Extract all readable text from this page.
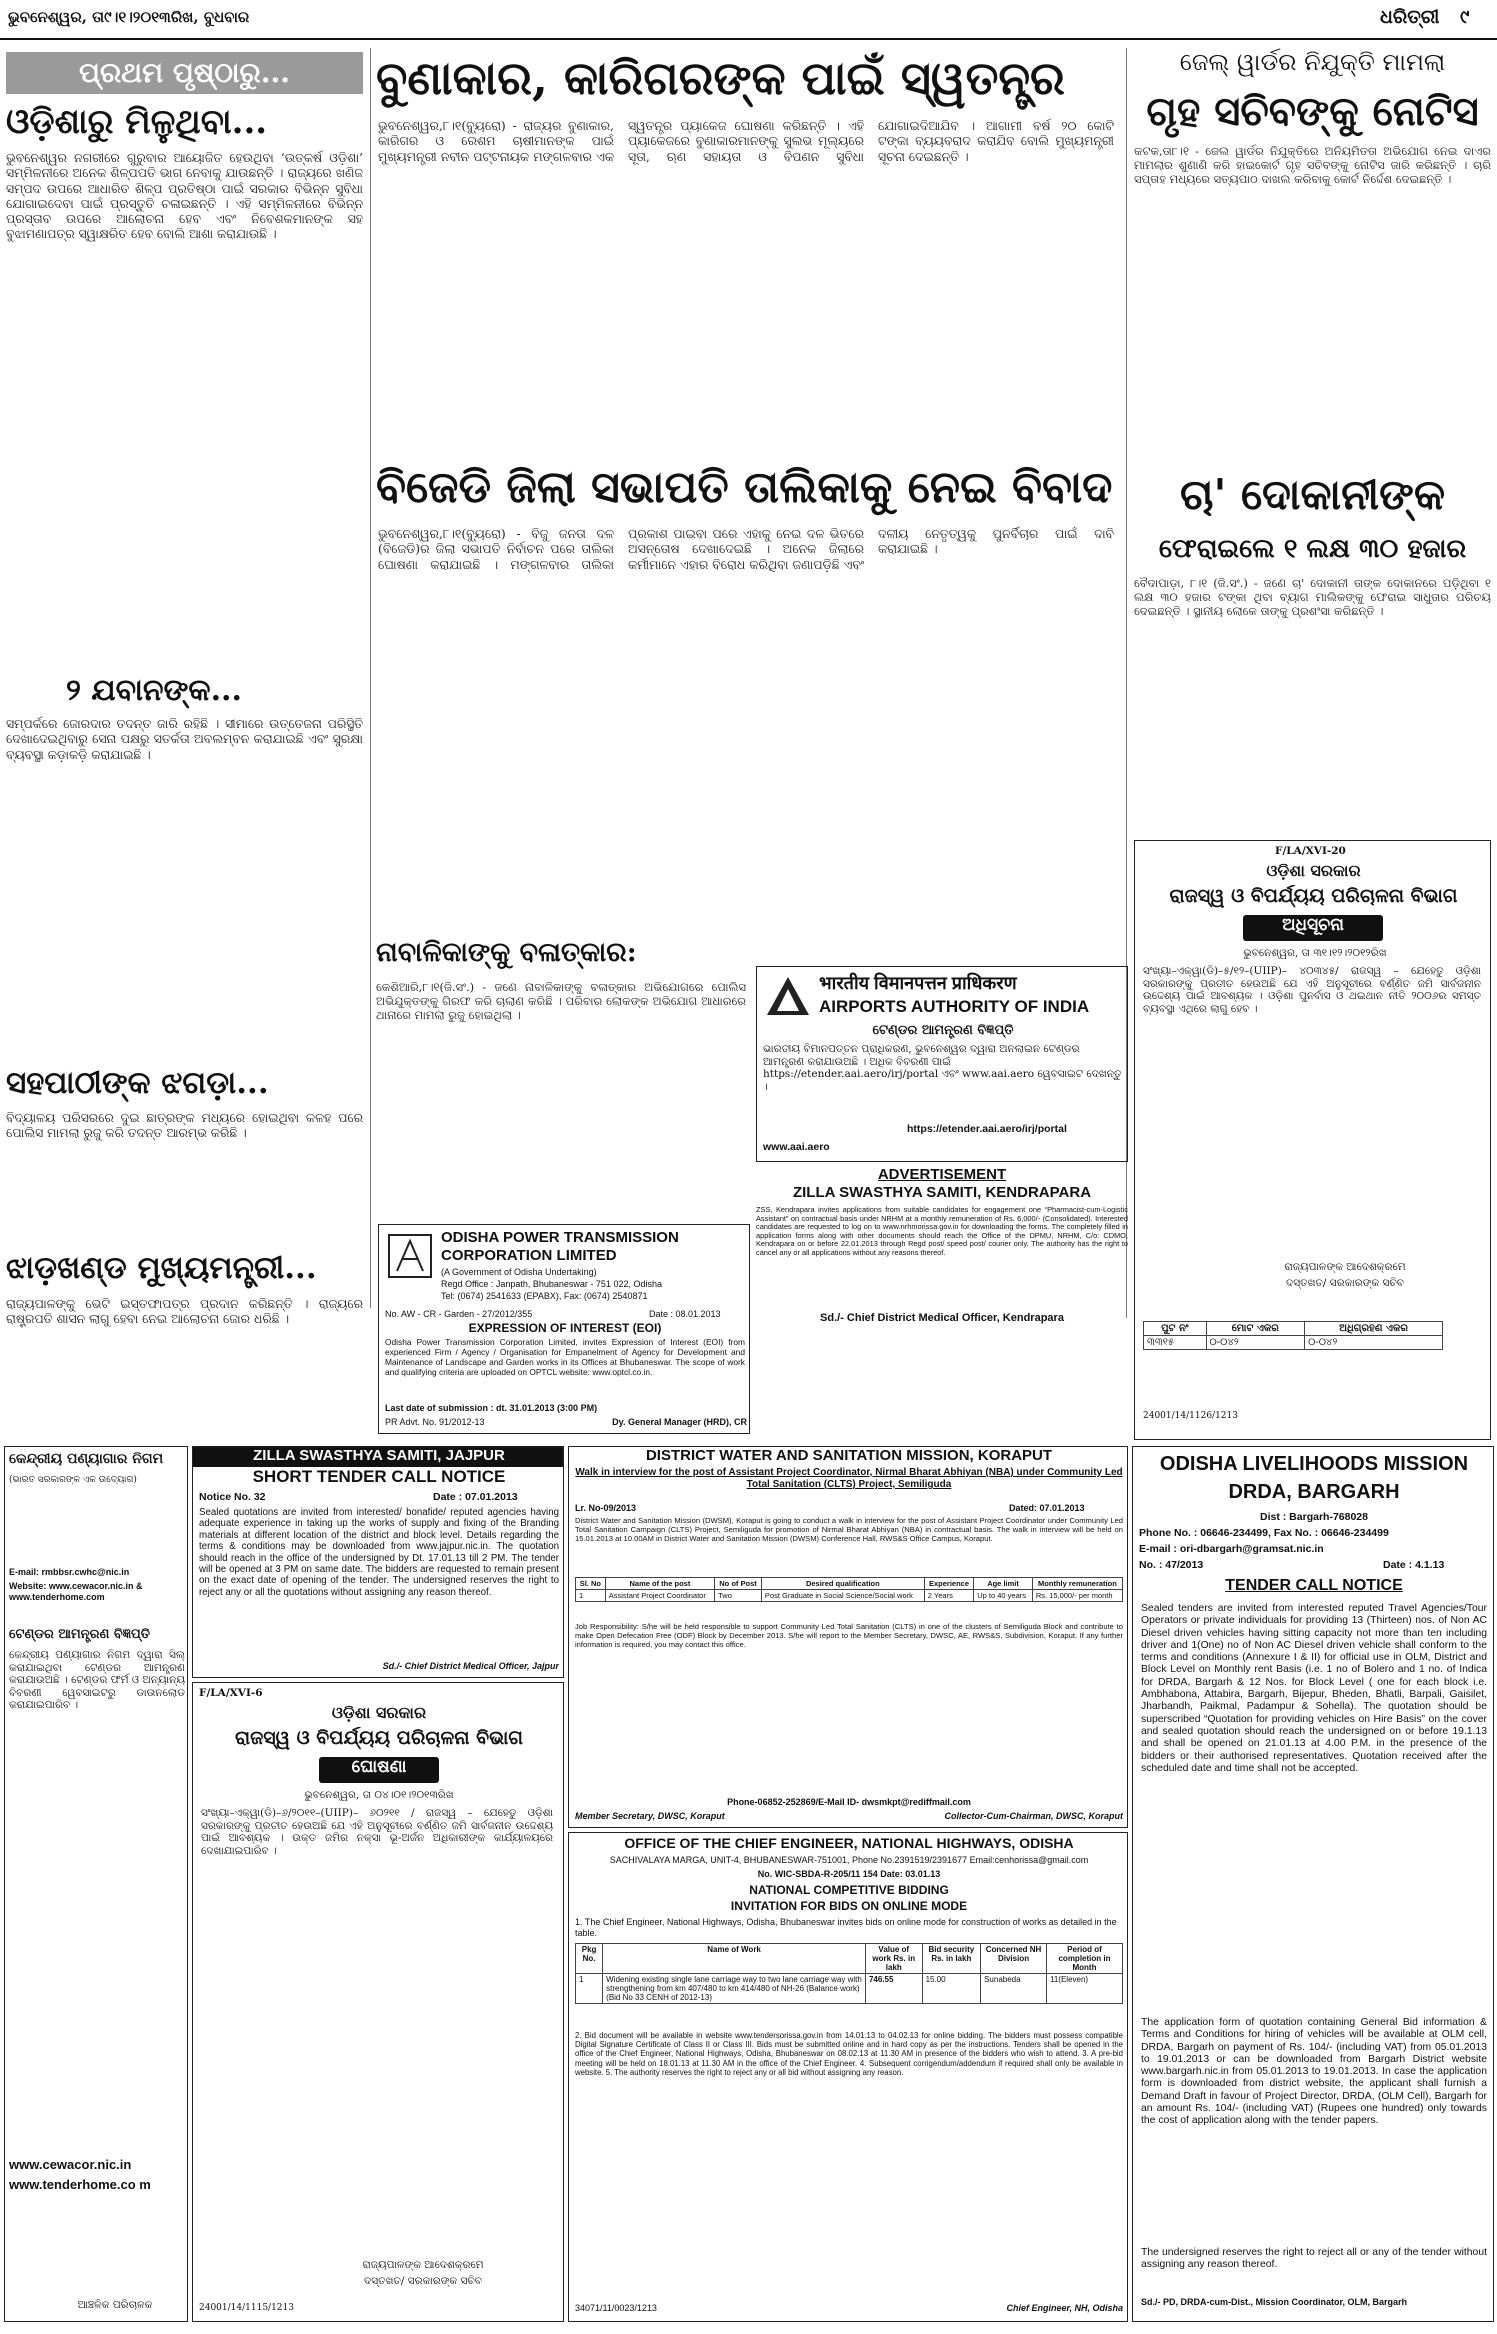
ଭୁବନେଶ୍ୱର, ତା୯।୧।୨୦୧୩ରିଖ, ବୁଧବାର	ଧରିତ୍ରୀ	୯
ପ୍ରଥମ ପୃଷ୍ଠାରୁ...
ଓଡ଼ିଶାରୁ ମିଳୁଥିବା...
ଭୁବନେଶ୍ୱର ନଗରୀରେ ଗୁରୁବାର ଆୟୋଜିତ ହେଉଥିବା ‘ଉତ୍କର୍ଷ ଓଡ଼ିଶା’ ସମ୍ମିଳନୀରେ ଅନେକ ଶିଳ୍ପପତି ଭାଗ ନେବାକୁ ଯାଉଛନ୍ତି । ରାଜ୍ୟରେ ଖଣିଜ ସମ୍ପଦ ଉପରେ ଆଧାରିତ ଶିଳ୍ପ ପ୍ରତିଷ୍ଠା ପାଇଁ ସରକାର ବିଭିନ୍ନ ସୁବିଧା ଯୋଗାଇଦେବା ପାଇଁ ପ୍ରସ୍ତୁତି ଚଳାଇଛନ୍ତି । ଏହି ସମ୍ମିଳନୀରେ ବିଭିନ୍ନ ପ୍ରସ୍ତାବ ଉପରେ ଆଲୋଚନା ହେବ ଏବଂ ନିବେଶକମାନଙ୍କ ସହ ବୁଝାମଣାପତ୍ର ସ୍ୱାକ୍ଷରିତ ହେବ ବୋଲି ଆଶା କରାଯାଉଛି ।
୨ ଯବାନଙ୍କ...
ସମ୍ପର୍କରେ ଜୋରଦାର ତଦନ୍ତ ଜାରି ରହିଛି । ସୀମାରେ ଉତ୍ତେଜନା ପରିସ୍ଥିତି ଦେଖାଦେଇଥିବାରୁ ସେନା ପକ୍ଷରୁ ସତର୍କତା ଅବଲମ୍ବନ କରାଯାଇଛି ଏବଂ ସୁରକ୍ଷା ବ୍ୟବସ୍ଥା କଡ଼ାକଡ଼ି କରାଯାଇଛି ।
ସହପାଠୀଙ୍କ ଝଗଡ଼ା...
ବିଦ୍ୟାଳୟ ପରିସରରେ ଦୁଇ ଛାତ୍ରଙ୍କ ମଧ୍ୟରେ ହୋଇଥିବା କଳହ ପରେ ପୋଲିସ ମାମଲା ରୁଜୁ କରି ତଦନ୍ତ ଆରମ୍ଭ କରିଛି ।
ଝାଡ଼ଖଣ୍ଡ ମୁଖ୍ୟମନ୍ତ୍ରୀ...
ରାଜ୍ୟପାଳଙ୍କୁ ଭେଟି ଇସ୍ତଫାପତ୍ର ପ୍ରଦାନ କରିଛନ୍ତି । ରାଜ୍ୟରେ ରାଷ୍ଟ୍ରପତି ଶାସନ ଲାଗୁ ହେବା ନେଇ ଆଲୋଚନା ଜୋର ଧରିଛି ।
ବୁଣାକାର, କାରିଗରଙ୍କ ପାଇଁ ସ୍ୱତନ୍ତ୍ର
ଭୁବନେଶ୍ୱର,୮।୧(ବ୍ୟୁରୋ) - ରାଜ୍ୟର ବୁଣାକାର, କାରିଗର ଓ ରେଶମ ଚାଷୀମାନଙ୍କ ପାଇଁ ମୁଖ୍ୟମନ୍ତ୍ରୀ ନବୀନ ପଟ୍ଟନାୟକ ମଙ୍ଗଳବାର ଏକ ସ୍ୱତନ୍ତ୍ର ପ୍ୟାକେଜ ଘୋଷଣା କରିଛନ୍ତି । ଏହି ପ୍ୟାକେଜରେ ବୁଣାକାରମାନଙ୍କୁ ସୁଲଭ ମୂଲ୍ୟରେ ସୂତା, ଋଣ ସହାୟତା ଓ ବିପଣନ ସୁବିଧା ଯୋଗାଇଦିଆଯିବ । ଆଗାମୀ ବର୍ଷ ୨୦ କୋଟି ଟଙ୍କା ବ୍ୟୟବରାଦ କରାଯିବ ବୋଲି ମୁଖ୍ୟମନ୍ତ୍ରୀ ସୂଚନା ଦେଇଛନ୍ତି ।
ବିଜେଡି ଜିଲା ସଭାପତି ତାଲିକାକୁ ନେଇ ବିବାଦ
ଭୁବନେଶ୍ୱର,୮।୧(ବ୍ୟୁରୋ) - ବିଜୁ ଜନତା ଦଳ (ବିଜେଡି)ର ଜିଲା ସଭାପତି ନିର୍ବାଚନ ପରେ ତାଲିକା ଘୋଷଣା କରାଯାଇଛି । ମଙ୍ଗଳବାର ତାଲିକା ପ୍ରକାଶ ପାଇବା ପରେ ଏହାକୁ ନେଇ ଦଳ ଭିତରେ ଅସନ୍ତୋଷ ଦେଖାଦେଇଛି । ଅନେକ ଜିଲାରେ କର୍ମୀମାନେ ଏହାର ବିରୋଧ କରିଥିବା ଜଣାପଡ଼ିଛି ଏବଂ ଦଳୀୟ ନେତୃତ୍ୱକୁ ପୁନର୍ବିଚାର ପାଇଁ ଦାବି କରାଯାଇଛି ।
ନାବାଳିକାଙ୍କୁ ବଳାତ୍କାର:
କେଶିଆରି,୮।୧(ଜି.ସଂ.) - ଜଣେ ନାବାଳିକାଙ୍କୁ ବଳାତ୍କାର ଅଭିଯୋଗରେ ପୋଲିସ ଅଭିଯୁକ୍ତଙ୍କୁ ଗିରଫ କରି ଚାଲାଣ କରିଛି । ପରିବାର ଲୋକଙ୍କ ଅଭିଯୋଗ ଆଧାରରେ ଥାନାରେ ମାମଲା ରୁଜୁ ହୋଇଥିଲା ।
ଜେଲ୍ ୱାର୍ଡର ନିଯୁକ୍ତି ମାମଲା
ଗୃହ ସଚିବଙ୍କୁ ନୋଟିସ
କଟକ,ତା୮।୧ - ଜେଲ ୱାର୍ଡର ନିଯୁକ୍ତିରେ ଅନିୟମିତତା ଅଭିଯୋଗ ନେଇ ଦାଏର ମାମଲାର ଶୁଣାଣି କରି ହାଇକୋର୍ଟ ଗୃହ ସଚିବଙ୍କୁ ନୋଟିସ ଜାରି କରିଛନ୍ତି । ଚାରି ସପ୍ତାହ ମଧ୍ୟରେ ସତ୍ୟପାଠ ଦାଖଲ କରିବାକୁ କୋର୍ଟ ନିର୍ଦ୍ଦେଶ ଦେଇଛନ୍ତି ।
ଚା' ଦୋକାନୀଙ୍କ
ଫେରାଇଲେ ୧ ଲକ୍ଷ ୩୦ ହଜାର
ବୈଦାପାଡ଼ା, ୮।୧ (ଜି.ସଂ.) - ଜଣେ ଚା' ଦୋକାନୀ ତାଙ୍କ ଦୋକାନରେ ପଡ଼ିଥିବା ୧ ଲକ୍ଷ ୩୦ ହଜାର ଟଙ୍କା ଥିବା ବ୍ୟାଗ ମାଲିକଙ୍କୁ ଫେରାଇ ସାଧୁତାର ପରିଚୟ ଦେଇଛନ୍ତି । ସ୍ଥାନୀୟ ଲୋକେ ତାଙ୍କୁ ପ୍ରଶଂସା କରିଛନ୍ତି ।
F/LA/XVI-20
ଓଡ଼ିଶା ସରକାର
ରାଜସ୍ୱ ଓ ବିପର୍ଯ୍ୟୟ ପରିଚାଳନା ବିଭାଗ
ଅଧିସୂଚନା
ଭୁବନେଶ୍ୱର, ତା ୩୧।୧୨।୨୦୧୨ରିଖ
ସଂଖ୍ୟା–ଏକ୍ୱା(ଡି)–୫/୧୨–(UIIP)– ୪୦୩୪୫/ ରାଜସ୍ୱ – ଯେହେତୁ ଓଡ଼ିଶା ସରକାରଙ୍କୁ ପ୍ରତୀତ ହେଉଅଛି ଯେ ଏହି ଅନୁସୂଚୀରେ ବର୍ଣ୍ଣିତ ଜମି ସାର୍ବଜନୀନ ଉଦ୍ଦେଶ୍ୟ ପାଇଁ ଆବଶ୍ୟକ । ଓଡ଼ିଶା ପୁନର୍ବାସ ଓ ଥଇଥାନ ନୀତି ୨୦୦୬ର ସମସ୍ତ ବ୍ୟବସ୍ଥା ଏଥିରେ ଲାଗୁ ହେବ ।
ରାଜ୍ୟପାଳଙ୍କ ଆଦେଶକ୍ରମେ
ଦସ୍ତଖତ/ ସରକାରଙ୍କ ସଚିବ
ପୁଟ ନଂ	ମୋଟ ଏକର	ଅଧିଗ୍ରହଣ ଏକର
୩୩୧୫	୦-୦୪୨	୦-୦୪୨
24001/14/1126/1213
भारतीय विमानपत्तन प्राधिकरण
AIRPORTS AUTHORITY OF INDIA
ଟେଣ୍ଡର ଆମନ୍ତ୍ରଣ ବିଜ୍ଞପ୍ତି
ଭାରତୀୟ ବିମାନପତ୍ତନ ପ୍ରାଧିକରଣ, ଭୁବନେଶ୍ୱର ଦ୍ୱାରା ଅନଲାଇନ ଟେଣ୍ଡର ଆମନ୍ତ୍ରଣ କରାଯାଉଅଛି । ଅଧିକ ବିବରଣୀ ପାଇଁ https://etender.aai.aero/irj/portal ଏବଂ www.aai.aero ୱେବସାଇଟ ଦେଖନ୍ତୁ ।
https://etender.aai.aero/irj/portal
www.aai.aero
ADVERTISEMENT
ZILLA SWASTHYA SAMITI, KENDRAPARA
ZSS, Kendrapara invites applications from suitable candidates for engagement one “Pharmacist-cum-Logistic Assistant” on contractual basis under NRHM at a monthly remuneration of Rs. 6,000/- (Consolidated). Interested candidates are requested to log on to www.nrhmorissa.gov.in for downloading the forms. The completely filled in application forms along with other documents should reach the Office of the DPMU, NRHM, C/o: CDMO, Kendrapara on or before 22.01.2013 through Regd post/ speed post/ courier only. The authority has the right to cancel any or all applications without any reasons thereof.
Sd./- Chief District Medical Officer, Kendrapara
ODISHA POWER TRANSMISSION
CORPORATION LIMITED
(A Government of Odisha Undertaking)
Regd Office : Janpath, Bhubaneswar - 751 022, Odisha
Tel: (0674) 2541633 (EPABX), Fax: (0674) 2540871
No. AW - CR - Garden - 27/2012/355	Date : 08.01.2013
EXPRESSION OF INTEREST (EOI)
Odisha Power Transmission Corporation Limited, invites Expression of Interest (EOI) from experienced Firm / Agency / Organisation for Empanelment of Agency for Development and Maintenance of Landscape and Garden works in its Offices at Bhubaneswar. The scope of work and qualifying criteria are uploaded on OPTCL website: www.optcl.co.in.
Last date of submission : dt. 31.01.2013 (3:00 PM)
PR Advt. No. 91/2012-13	Dy. General Manager (HRD), CR
କେନ୍ଦ୍ରୀୟ ପଣ୍ୟାଗାର ନିଗମ
(ଭାରତ ସରକାରଙ୍କ ଏକ ଉଦ୍ୟୋଗ)
E-mail: rmbbsr.cwhc@nic.in
Website: www.cewacor.nic.in & www.tenderhome.com
ଟେଣ୍ଡର ଆମନ୍ତ୍ରଣ ବିଜ୍ଞପ୍ତି
କେନ୍ଦ୍ରୀୟ ପଣ୍ୟାଗାର ନିଗମ ଦ୍ୱାରା ସିଲ୍ କରାଯାଇଥିବା ଟେଣ୍ଡର ଆମନ୍ତ୍ରଣ କରାଯାଉଅଛି । ଟେଣ୍ଡର ଫର୍ମ ଓ ଅନ୍ୟାନ୍ୟ ବିବରଣୀ ୱେବସାଇଟରୁ ଡାଉନଲୋଡ କରାଯାଇପାରିବ ।
www.cewacor.nic.in
www.tenderhome.co m
ଆଞ୍ଚଳିକ ପରିଚାଳକ
ZILLA SWASTHYA SAMITI, JAJPUR
SHORT TENDER CALL NOTICE
Notice No. 32	Date : 07.01.2013
Sealed quotations are invited from interested/ bonafide/ reputed agencies having adequate experience in taking up the works of supply and fixing of the Branding materials at different location of the district and block level. Details regarding the terms & conditions may be downloaded from www.jajpur.nic.in. The quotation should reach in the office of the undersigned by Dt. 17.01.13 till 2 PM. The tender will be opened at 3 PM on same date. The bidders are requested to remain present on the exact date of opening of the tender. The undersigned reserves the right to reject any or all the quotations without assigning any reason thereof.
Sd./- Chief District Medical Officer, Jajpur
F/LA/XVI-6
ଓଡ଼ିଶା ସରକାର
ରାଜସ୍ୱ ଓ ବିପର୍ଯ୍ୟୟ ପରିଚାଳନା ବିଭାଗ
ଘୋଷଣା
ଭୁବନେଶ୍ୱର, ତା ୦୪।୦୧।୨୦୧୩ରିଖ
ସଂଖ୍ୟା–ଏକ୍ୱା(ଡି)–୬/୨୦୧୧–(UIIP)– ୬୦୨୧୧ / ରାଜସ୍ୱ – ଯେହେତୁ ଓଡ଼ିଶା ସରକାରଙ୍କୁ ପ୍ରତୀତ ହେଉଅଛି ଯେ ଏହି ଅନୁସୂଚୀରେ ବର୍ଣ୍ଣିତ ଜମି ସାର୍ବଜନୀନ ଉଦ୍ଦେଶ୍ୟ ପାଇଁ ଆବଶ୍ୟକ । ଉକ୍ତ ଜମିର ନକ୍ସା ଭୂ-ଅର୍ଜନ ଅଧିକାରୀଙ୍କ କାର୍ଯ୍ୟାଳୟରେ ଦେଖାଯାଇପାରିବ ।
ରାଜ୍ୟପାଳଙ୍କ ଆଦେଶକ୍ରମେ
ଦସ୍ତଖତ/ ସରକାରଙ୍କ ସଚିବ
24001/14/1115/1213
DISTRICT WATER AND SANITATION MISSION, KORAPUT
Walk in interview for the post of Assistant Project Coordinator, Nirmal Bharat Abhiyan (NBA) under Community Led Total Sanitation (CLTS) Project, Semiliguda
Lr. No-09/2013	Dated: 07.01.2013
District Water and Sanitation Mission (DWSM), Koraput is going to conduct a walk in interview for the post of Assistant Project Coordinator under Community Led Total Sanitation Campaign (CLTS) Project, Semiliguda for promotion of Nirmal Bharat Abhiyan (NBA) in contractual basis. The walk in interview will be held on 15.01.2013 at 10.00AM in District Water and Sanitation Mission (DWSM) Conference Hall, RWS&S Office Campus, Koraput.
Sl. No	Name of the post	No of Post	Desired qualification	Experience	Age limit	Monthly remuneration
1	Assistant Project Coordinator	Two	Post Graduate in Social Science/Social work	2 Years	Up to 40 years	Rs. 15,000/- per month
Job Responsibility: S/he will be held responsible to support Community Led Total Sanitation (CLTS) in one of the clusters of Semiliguda Block and contribute to make Open Defecation Free (ODF) Block by December 2013. S/he will report to the Member Secretary, DWSC, AE, RWS&S, Subdivision, Koraput. If any further information is required, you may contact this office.
Phone-06852-252869/E-Mail ID- dwsmkpt@rediffmail.com
Member Secretary, DWSC, Koraput	Collector-Cum-Chairman, DWSC, Koraput
OFFICE OF THE CHIEF ENGINEER, NATIONAL HIGHWAYS, ODISHA
SACHIVALAYA MARGA, UNIT-4, BHUBANESWAR-751001, Phone No.2391519/2391677 Email:cenhorissa@gmail.com
No. WIC-SBDA-R-205/11 154 Date: 03.01.13
NATIONAL COMPETITIVE BIDDING
INVITATION FOR BIDS ON ONLINE MODE
1. The Chief Engineer, National Highways, Odisha, Bhubaneswar invites bids on online mode for construction of works as detailed in the table.
Pkg No.	Name of Work	Value of work Rs. in lakh	Bid security Rs. in lakh	Concerned NH Division	Period of completion in Month
1	Widening existing single lane carriage way to two lane carriage way with strengthening from km 407/480 to km 414/480 of NH-26 (Balance work) (Bid No 33 CENH of 2012-13)	746.55	15.00	Sunabeda	11(Eleven)
2. Bid document will be available in website www.tendersorissa.gov.in from 14.01.13 to 04.02.13 for online bidding. The bidders must possess compatible Digital Signature Certificate of Class II or Class III. Bids must be submitted online and in hard copy as per the instructions. Tenders shall be opened in the office of the Chief Engineer, National Highways, Odisha, Bhubaneswar on 08.02.13 at 11.30 AM in presence of the bidders who wish to attend. 3. A pre-bid meeting will be held on 18.01.13 at 11.30 AM in the office of the Chief Engineer. 4. Subsequent corrigendum/addendum if required shall only be available in website. 5. The authority reserves the right to reject any or all bid without assigning any reason.
34071/11/0023/1213	Chief Engineer, NH, Odisha
ODISHA LIVELIHOODS MISSION
DRDA, BARGARH
Dist : Bargarh-768028
Phone No. : 06646-234499, Fax No. : 06646-234499
E-mail : ori-dbargarh@gramsat.nic.in
No. : 47/2013	Date : 4.1.13
TENDER CALL NOTICE
Sealed tenders are invited from interested reputed Travel Agencies/Tour Operators or private individuals for providing 13 (Thirteen) nos. of Non AC Diesel driven vehicles having sitting capacity not more than ten including driver and 1(One) no of Non AC Diesel driven vehicle shall conform to the terms and conditions (Annexure I & II) for official use in OLM, District and Block Level on Monthly rent Basis (i.e. 1 no of Bolero and 1 no. of Indica for DRDA, Bargarh & 12 Nos. for Block Level ( one for each block i.e. Ambhabona, Attabira, Bargarh, Bijepur, Bheden, Bhatli, Barpali, Gaisilet, Jharbandh, Paikmal, Padampur & Sohella). The quotation should be superscribed “Quotation for providing vehicles on Hire Basis” on the cover and sealed quotation should reach the undersigned on or before 19.1.13 and shall be opened on 21.01.13 at 4.00 P.M. in the presence of the bidders or their authorised representatives. Quotation received after the scheduled date and time shall not be accepted.
The application form of quotation containing General Bid information & Terms and Conditions for hiring of vehicles will be available at OLM cell, DRDA, Bargarh on payment of Rs. 104/- (including VAT) from 05.01.2013 to 19.01.2013 or can be downloaded from Bargarh District website www.bargarh.nic.in from 05.01.2013 to 19.01.2013. In case the application form is downloaded from district website, the applicant shall furnish a Demand Draft in favour of Project Director, DRDA, (OLM Cell), Bargarh for an amount Rs. 104/- (including VAT) (Rupees one hundred) only towards the cost of application along with the tender papers.
The undersigned reserves the right to reject all or any of the tender without assigning any reason thereof.
Sd./- PD, DRDA-cum-Dist., Mission Coordinator, OLM, Bargarh
